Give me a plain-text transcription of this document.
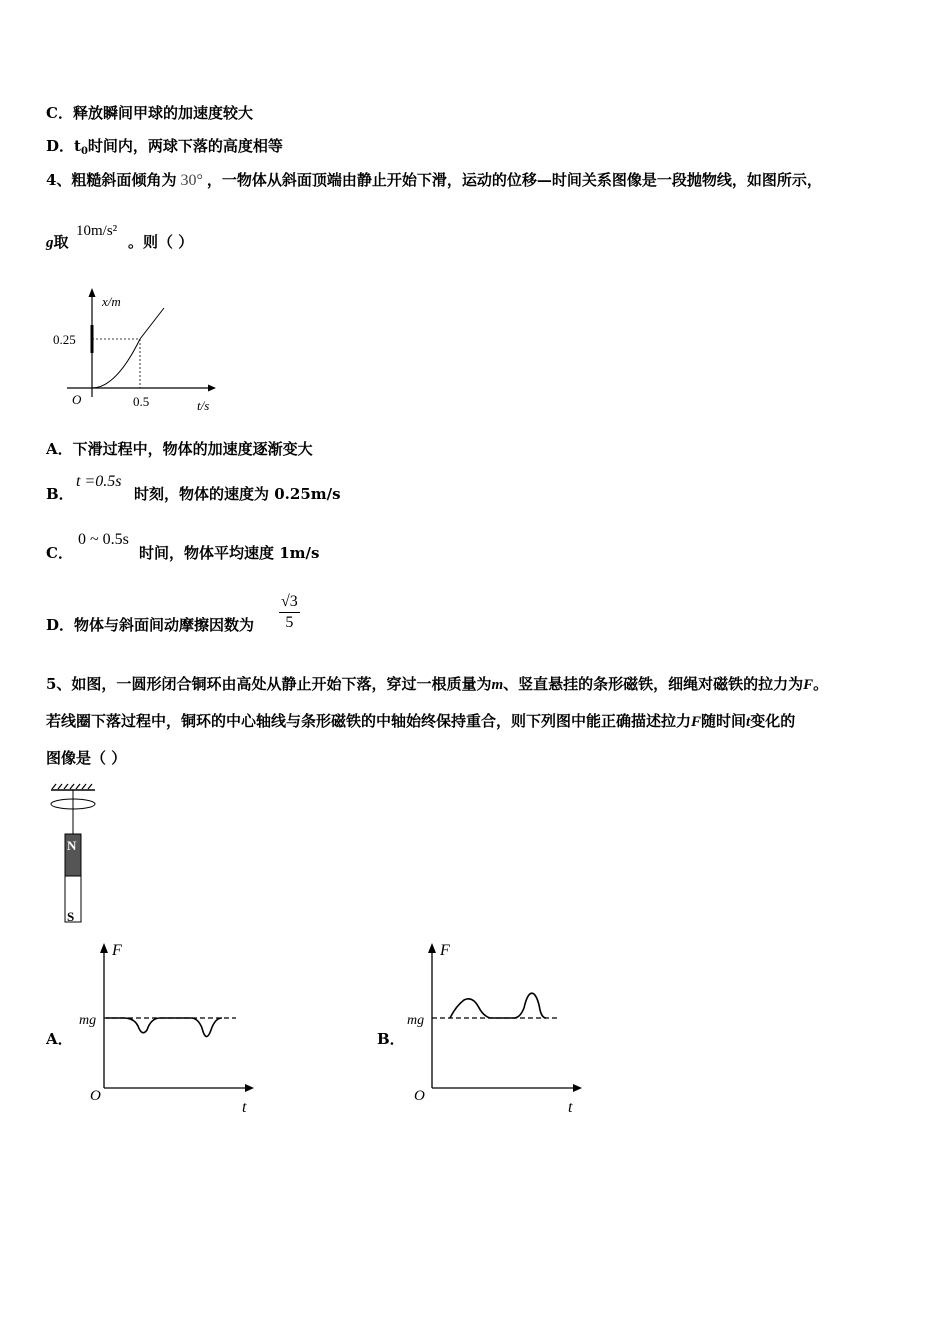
C．释放瞬间甲球的加速度较大
D．$t_0$时间内，两球下落的高度相等
4、粗糙斜面倾角为 30° ，一物体从斜面顶端由静止开始下滑，运动的位移—时间关系图像是一段抛物线，如图所示，
g取
10m/s²
。则（ ）
x/m
0.25
O	0.5	t/s
A．下滑过程中，物体的加速度逐渐变大
B．
t =0.5s
时刻，物体的速度为 0.25m/s
C．
0 ~ 0.5s
时间，物体平均速度 1m/s
D．物体与斜面间动摩擦因数为 $\frac{√3}{5}$
5、如图，一圆形闭合铜环由高处从静止开始下落，穿过一根质量为m、竖直悬挂的条形磁铁，细绳对磁铁的拉力为F。
若线圈下落过程中，铜环的中心轴线与条形磁铁的中轴始终保持重合，则下列图中能正确描述拉力F随时间t变化的
图像是（ ）
N
S
A．
F
mg
O
t
B．
F
mg
O
t
